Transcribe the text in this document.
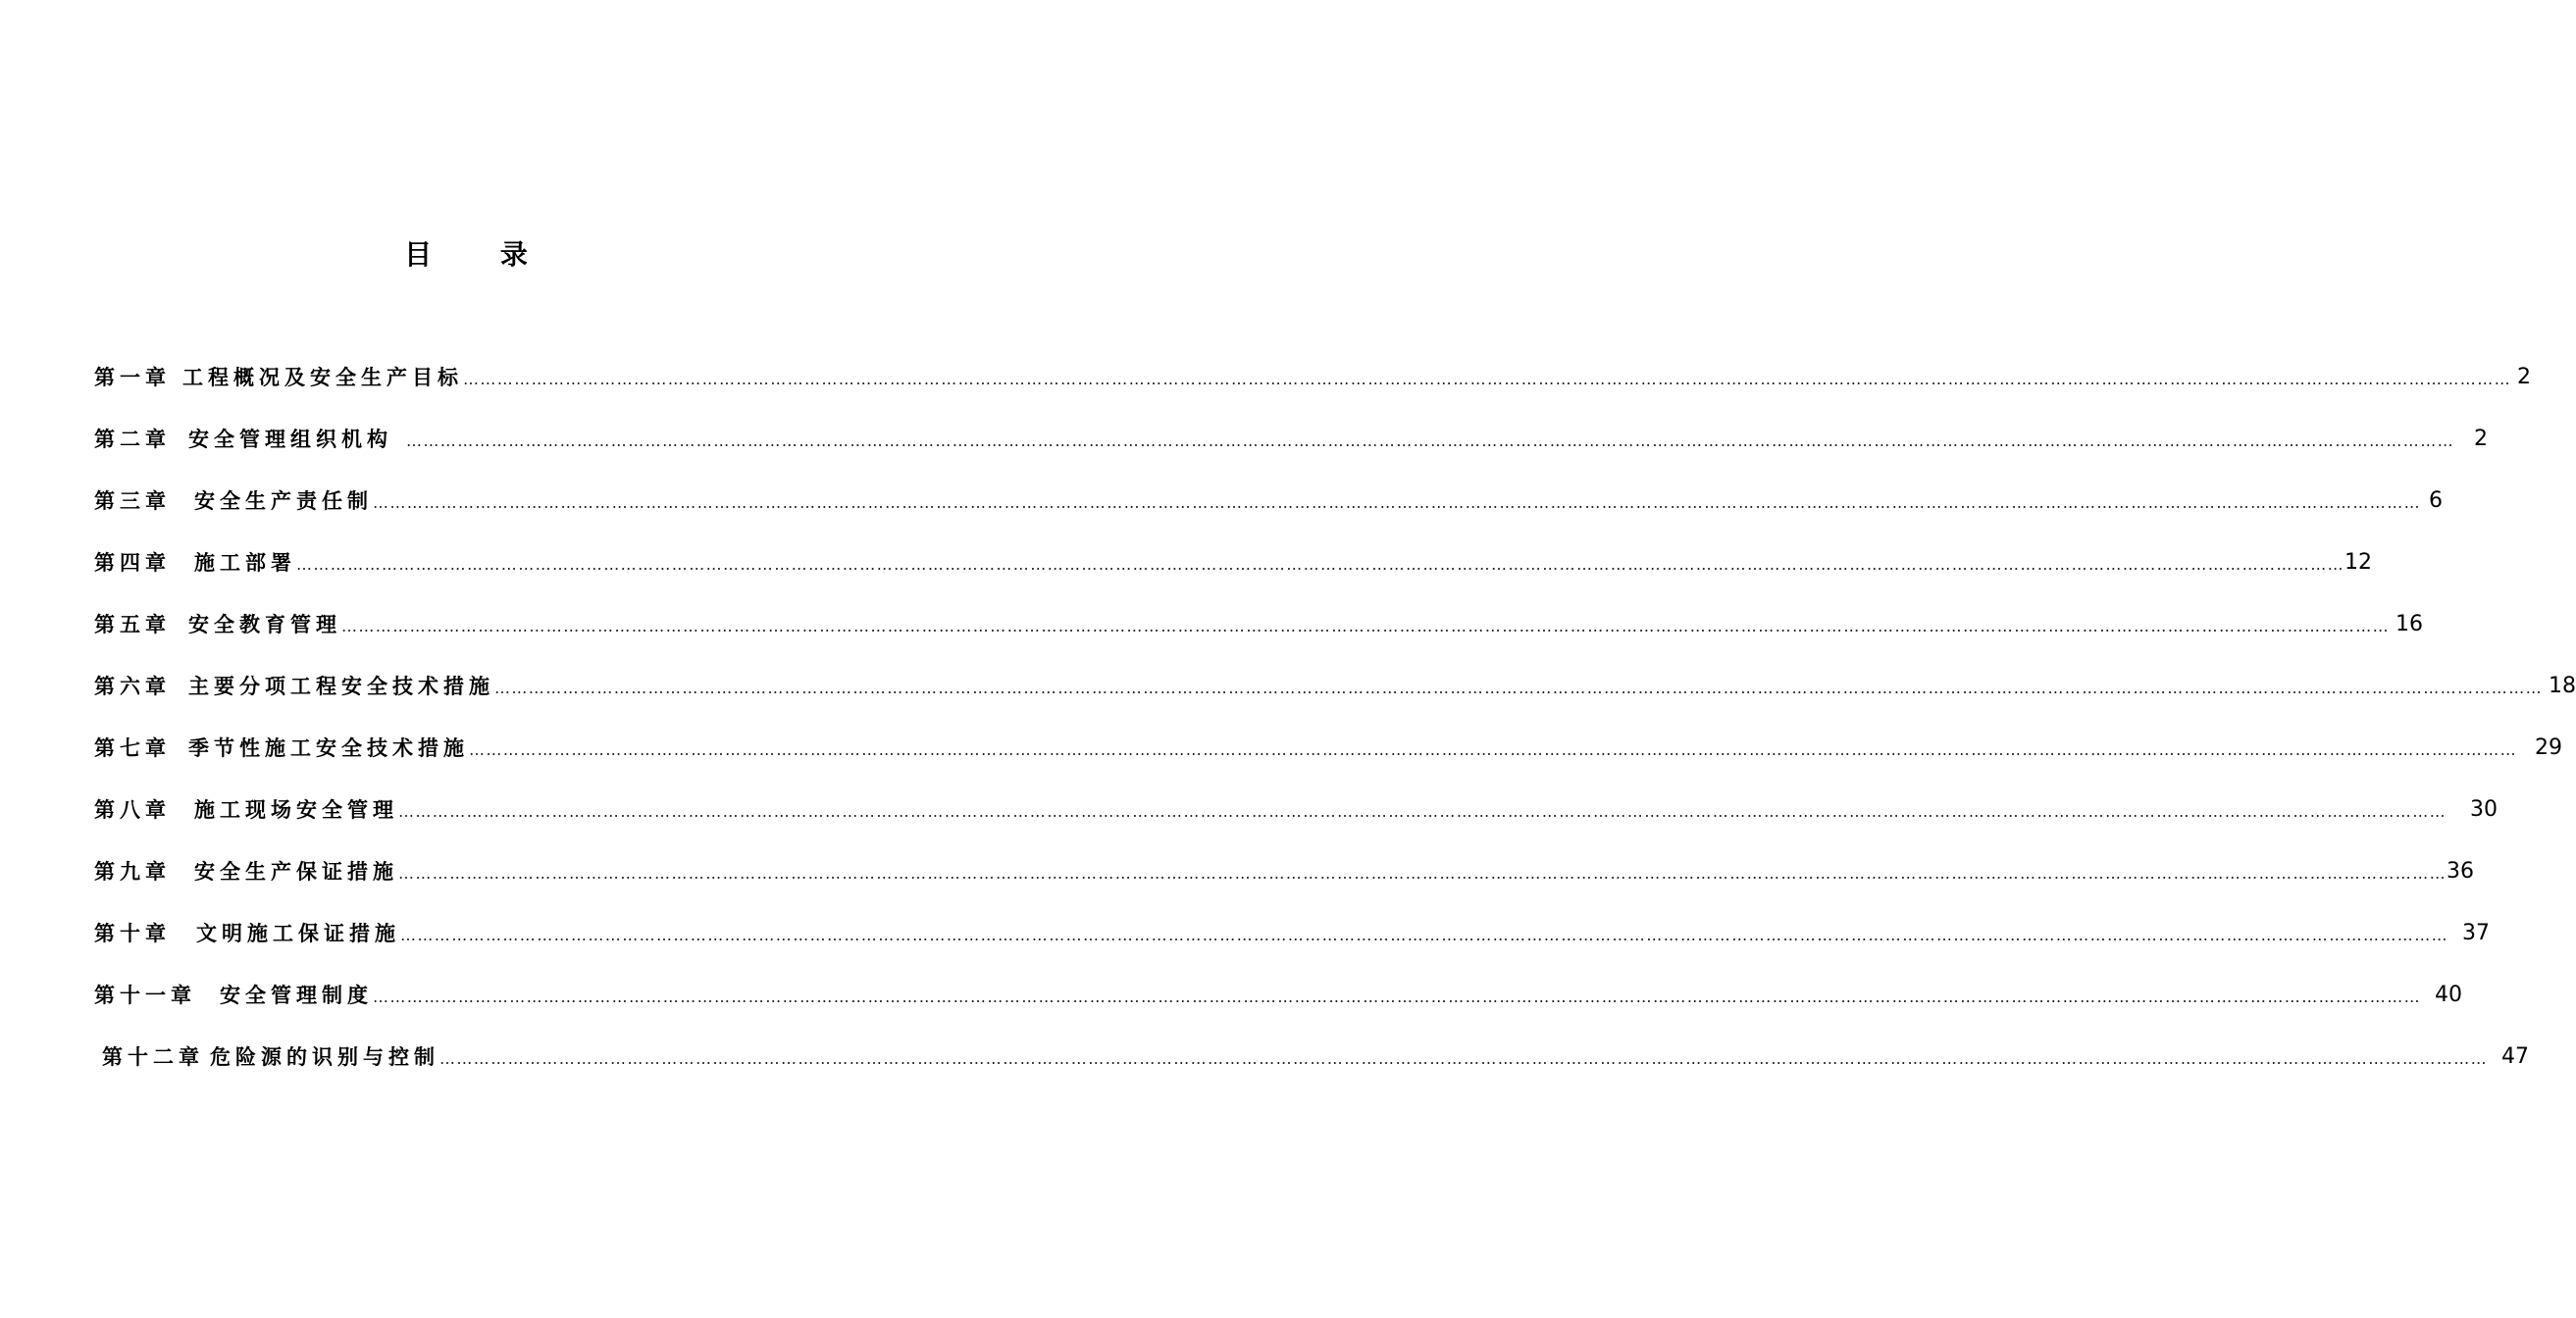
目 录
第一章 工程概况及安全生产目标 ……………………………………………………………………………………………………………………………………………………………………………………………………………………………………………………………………………………………………………………………… 2
第二章 安全管理组织机构 ……………………………………………………………………………………………………………………………………………………………………………………………………………………………………………………………………………………………………………………………… 2
第三章 安全生产责任制 ……………………………………………………………………………………………………………………………………………………………………………………………………………………………………………………………………………………………………………………………… 6
第四章 施工部署 ……………………………………………………………………………………………………………………………………………………………………………………………………………………………………………………………………………………………………………………………… 12
第五章 安全教育管理 ……………………………………………………………………………………………………………………………………………………………………………………………………………………………………………………………………………………………………………………………… 16
第六章 主要分项工程安全技术措施 ……………………………………………………………………………………………………………………………………………………………………………………………………………………………………………………………………………………………………………………………… 18
第七章 季节性施工安全技术措施 ……………………………………………………………………………………………………………………………………………………………………………………………………………………………………………………………………………………………………………………………… 29
第八章 施工现场安全管理 ……………………………………………………………………………………………………………………………………………………………………………………………………………………………………………………………………………………………………………………………… 30
第九章 安全生产保证措施 ……………………………………………………………………………………………………………………………………………………………………………………………………………………………………………………………………………………………………………………………… 36
第十章 文明施工保证措施 ……………………………………………………………………………………………………………………………………………………………………………………………………………………………………………………………………………………………………………………………… 37
第十一章 安全管理制度 ……………………………………………………………………………………………………………………………………………………………………………………………………………………………………………………………………………………………………………………………… 40
第十二章 危险源的识别与控制 ……………………………………………………………………………………………………………………………………………………………………………………………………………………………………………………………………………………………………………………………… 47
